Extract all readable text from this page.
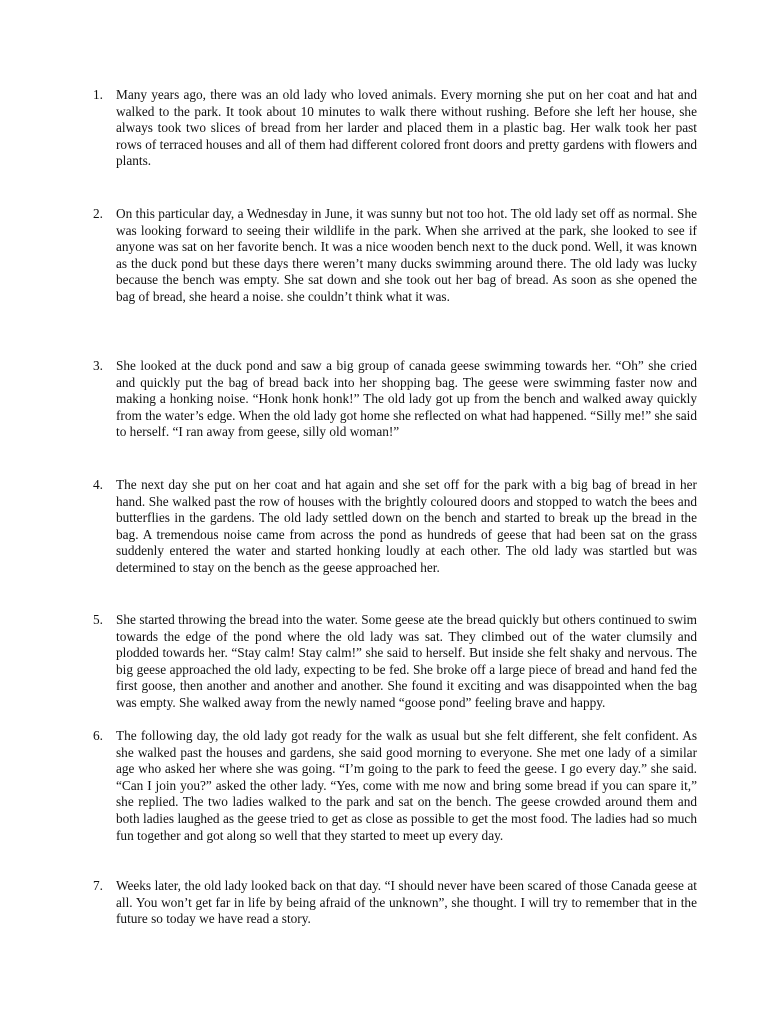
1. Many years ago, there was an old lady who loved animals. Every morning she put on her coat and hat and walked to the park. It took about 10 minutes to walk there without rushing. Before she left her house, she always took two slices of bread from her larder and placed them in a plastic bag. Her walk took her past rows of terraced houses and all of them had different colored front doors and pretty gardens with flowers and plants.
2. On this particular day, a Wednesday in June, it was sunny but not too hot. The old lady set off as normal. She was looking forward to seeing their wildlife in the park. When she arrived at the park, she looked to see if anyone was sat on her favorite bench. It was a nice wooden bench next to the duck pond. Well, it was known as the duck pond but these days there weren’t many ducks swimming around there. The old lady was lucky because the bench was empty. She sat down and she took out her bag of bread. As soon as she opened the bag of bread, she heard a noise. she couldn’t think what it was.
3. She looked at the duck pond and saw a big group of canada geese swimming towards her. “Oh” she cried and quickly put the bag of bread back into her shopping bag. The geese were swimming faster now and making a honking noise. “Honk honk honk!” The old lady got up from the bench and walked away quickly from the water’s edge. When the old lady got home she reflected on what had happened. “Silly me!” she said to herself. “I ran away from geese, silly old woman!”
4. The next day she put on her coat and hat again and she set off for the park with a big bag of bread in her hand. She walked past the row of houses with the brightly coloured doors and stopped to watch the bees and butterflies in the gardens. The old lady settled down on the bench and started to break up the bread in the bag. A tremendous noise came from across the pond as hundreds of geese that had been sat on the grass suddenly entered the water and started honking loudly at each other. The old lady was startled but was determined to stay on the bench as the geese approached her.
5. She started throwing the bread into the water. Some geese ate the bread quickly but others continued to swim towards the edge of the pond where the old lady was sat. They climbed out of the water clumsily and plodded towards her. “Stay calm! Stay calm!” she said to herself. But inside she felt shaky and nervous. The big geese approached the old lady, expecting to be fed. She broke off a large piece of bread and hand fed the first goose, then another and another and another. She found it exciting and was disappointed when the bag was empty. She walked away from the newly named “goose pond” feeling brave and happy.
6. The following day, the old lady got ready for the walk as usual but she felt different, she felt confident. As she walked past the houses and gardens, she said good morning to everyone. She met one lady of a similar age who asked her where she was going. “I’m going to the park to feed the geese. I go every day.” she said. “Can I join you?” asked the other lady. “Yes, come with me now and bring some bread if you can spare it,” she replied. The two ladies walked to the park and sat on the bench. The geese crowded around them and both ladies laughed as the geese tried to get as close as possible to get the most food. The ladies had so much fun together and got along so well that they started to meet up every day.
7. Weeks later, the old lady looked back on that day. “I should never have been scared of those Canada geese at all. You won’t get far in life by being afraid of the unknown”, she thought. I will try to remember that in the future so today we have read a story.
